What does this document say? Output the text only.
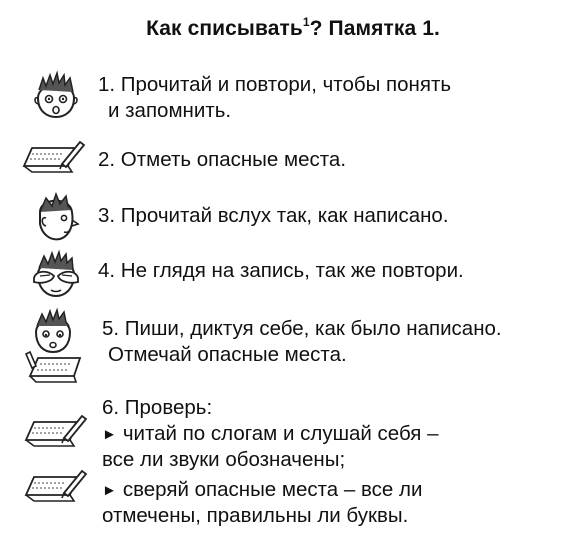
Как списывать$^1$? Памятка 1.
1. Прочитай и повтори, чтобы понять
и запомнить.
2. Отметь опасные места.
3. Прочитай вслух так, как написано.
4. Не глядя на запись, так же повтори.
5. Пиши, диктуя себе, как было написано.
Отмечай опасные места.
6. Проверь:
► читай по слогам и слушай себя –
все ли звуки обозначены;
► сверяй опасные места – все ли
отмечены, правильны ли буквы.
